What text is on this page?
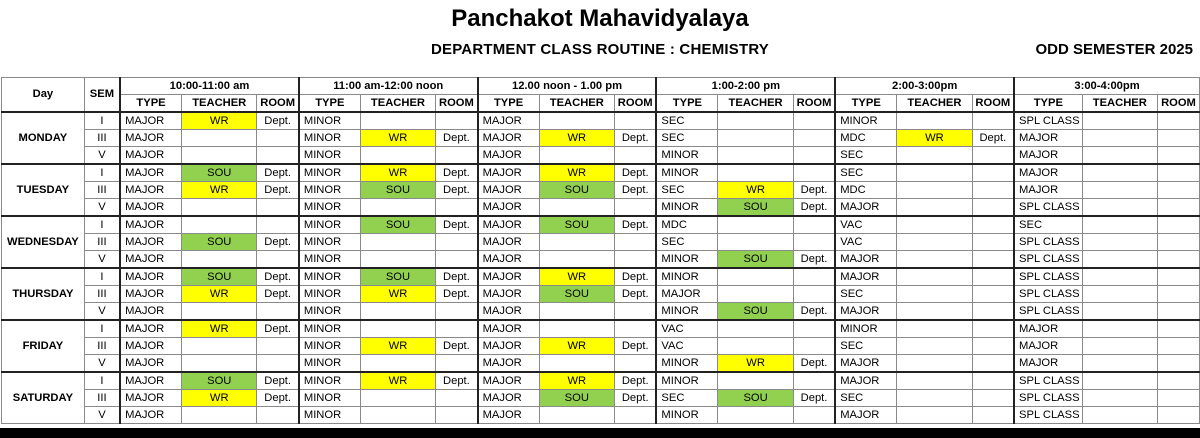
Panchakot Mahavidyalaya
DEPARTMENT CLASS ROUTINE : CHEMISTRY	ODD SEMESTER 2025
Day	SEM	10:00-11:00 am			11:00 am-12:00 noon			12.00 noon - 1.00 pm			1:00-2:00 pm			2:00-3:00pm			3:00-4:00pm		
		TYPE	TEACHER	ROOM	TYPE	TEACHER	ROOM	TYPE	TEACHER	ROOM	TYPE	TEACHER	ROOM	TYPE	TEACHER	ROOM	TYPE	TEACHER	ROOM
MONDAY	I	MAJOR	WR	Dept.	MINOR			MAJOR			SEC			MINOR			SPL CLASS		
	III	MAJOR			MINOR	WR	Dept.	MAJOR	WR	Dept.	SEC			MDC	WR	Dept.	MAJOR		
	V	MAJOR			MINOR			MAJOR			MINOR			SEC			MAJOR		
TUESDAY	I	MAJOR	SOU	Dept.	MINOR	WR	Dept.	MAJOR	WR	Dept.	MINOR			SEC			MAJOR		
	III	MAJOR	WR	Dept.	MINOR	SOU	Dept.	MAJOR	SOU	Dept.	SEC	WR	Dept.	MDC			MAJOR		
	V	MAJOR			MINOR			MAJOR			MINOR	SOU	Dept.	MAJOR			SPL CLASS		
WEDNESDAY	I	MAJOR			MINOR	SOU	Dept.	MAJOR	SOU	Dept.	MDC			VAC			SEC		
	III	MAJOR	SOU	Dept.	MINOR			MAJOR			SEC			VAC			SPL CLASS		
	V	MAJOR			MINOR			MAJOR			MINOR	SOU	Dept.	MAJOR			SPL CLASS		
THURSDAY	I	MAJOR	SOU	Dept.	MINOR	SOU	Dept.	MAJOR	WR	Dept.	MINOR			MAJOR			SPL CLASS		
	III	MAJOR	WR	Dept.	MINOR	WR	Dept.	MAJOR	SOU	Dept.	MAJOR			SEC			SPL CLASS		
	V	MAJOR			MINOR			MAJOR			MINOR	SOU	Dept.	MAJOR			SPL CLASS		
FRIDAY	I	MAJOR	WR	Dept.	MINOR			MAJOR			VAC			MINOR			MAJOR		
	III	MAJOR			MINOR	WR	Dept.	MAJOR	WR	Dept.	VAC			SEC			MAJOR		
	V	MAJOR			MINOR			MAJOR			MINOR	WR	Dept.	MAJOR			MAJOR		
SATURDAY	I	MAJOR	SOU	Dept.	MINOR	WR	Dept.	MAJOR	WR	Dept.	MINOR			MAJOR			SPL CLASS		
	III	MAJOR	WR	Dept.	MINOR			MAJOR	SOU	Dept.	SEC	SOU	Dept.	SEC			SPL CLASS		
	V	MAJOR			MINOR			MAJOR			MINOR			MAJOR			SPL CLASS		
